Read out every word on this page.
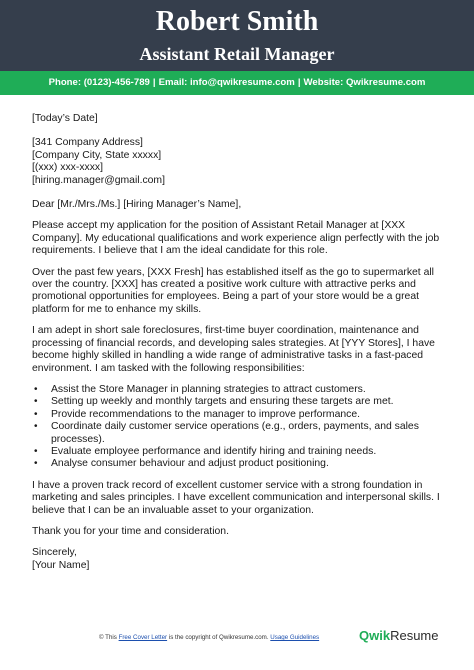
Robert Smith
Assistant Retail Manager
Phone: (0123)-456-789 | Email: info@qwikresume.com | Website: Qwikresume.com

[Today’s Date]

[341 Company Address]

[Company City, State xxxxx]

[(xxx) xxx-xxxx]

[hiring.manager@gmail.com]

Dear [Mr./Mrs./Ms.] [Hiring Manager’s Name],

Please accept my application for the position of Assistant Retail Manager at [XXX Company]. My educational qualifications and work experience align perfectly with the job requirements. I believe that I am the ideal candidate for this role.

Over the past few years, [XXX Fresh] has established itself as the go to supermarket all over the country. [XXX] has created a positive work culture with attractive perks and promotional opportunities for employees. Being a part of your store would be a great platform for me to enhance my skills.

I am adept in short sale foreclosures, first-time buyer coordination, maintenance and processing of financial records, and developing sales strategies. At [YYY Stores], I have become highly skilled in handling a wide range of administrative tasks in a fast-paced environment. I am tasked with the following responsibilities:

• Assist the Store Manager in planning strategies to attract customers.
• Setting up weekly and monthly targets and ensuring these targets are met.
• Provide recommendations to the manager to improve performance.
• Coordinate daily customer service operations (e.g., orders, payments, and sales processes).
• Evaluate employee performance and identify hiring and training needs.
• Analyse consumer behaviour and adjust product positioning.

I have a proven track record of excellent customer service with a strong foundation in marketing and sales principles. I have excellent communication and interpersonal skills. I believe that I can be an invaluable asset to your organization.

Thank you for your time and consideration.

Sincerely,

[Your Name]

© This Free Cover Letter is the copyright of Qwikresume.com. Usage Guidelines	QwikResume
